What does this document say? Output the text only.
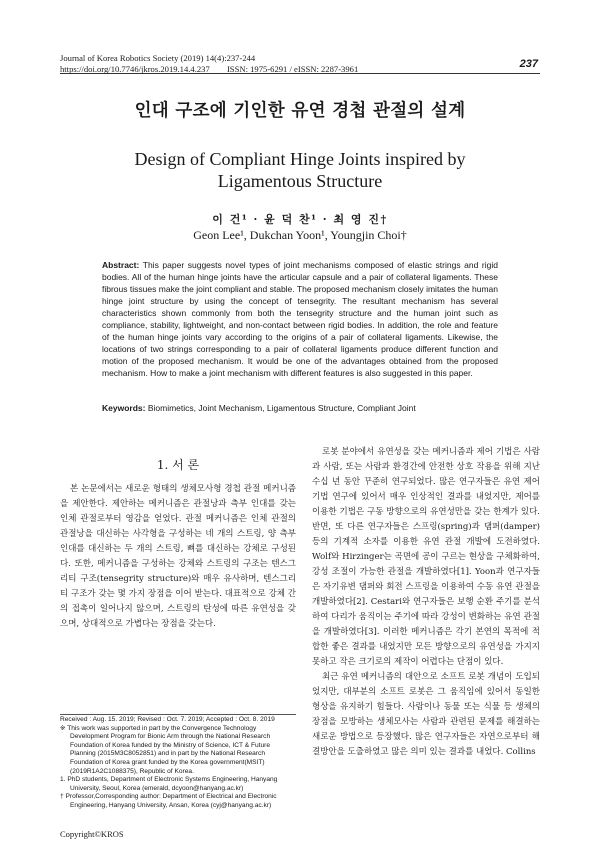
Journal of Korea Robotics Society (2019) 14(4):237-244
https://doi.org/10.7746/jkros.2019.14.4.237        ISSN: 1975-6291 / eISSN: 2287-3961	237
인대 구조에 기인한 유연 경첩 관절의 설계
Design of Compliant Hinge Joints inspired by
Ligamentous Structure
이 건¹ · 윤 덕 찬¹ · 최 영 진†
Geon Lee¹, Dukchan Yoon¹, Youngjin Choi†
Abstract: This paper suggests novel types of joint mechanisms composed of elastic strings and rigid bodies. All of the human hinge joints have the articular capsule and a pair of collateral ligaments. These fibrous tissues make the joint compliant and stable. The proposed mechanism closely imitates the human hinge joint structure by using the concept of tensegrity. The resultant mechanism has several characteristics shown commonly from both the tensegrity structure and the human joint such as compliance, stability, lightweight, and non-contact between rigid bodies. In addition, the role and feature of the human hinge joints vary according to the origins of a pair of collateral ligaments. Likewise, the locations of two strings corresponding to a pair of collateral ligaments produce different function and motion of the proposed mechanism. It would be one of the advantages obtained from the proposed mechanism. How to make a joint mechanism with different features is also suggested in this paper.
Keywords: Biomimetics, Joint Mechanism, Ligamentous Structure, Compliant Joint
1. 서 론

본 논문에서는 새로운 형태의 생체모사형 경첩 관절 메커니즘을 제안한다. 제안하는 메커니즘은 관절낭과 측부 인대를 갖는 인체 관절로부터 영감을 얻었다. 관절 메커니즘은 인체 관절의 관절낭을 대신하는 사각형을 구성하는 네 개의 스트링, 양 측부 인대를 대신하는 두 개의 스트링, 뼈를 대신하는 강체로 구성된다. 또한, 메커니즘을 구성하는 강체와 스트링의 구조는 텐스그리티 구조(tensegrity structure)와 매우 유사하며, 텐스그리티 구조가 갖는 몇 가지 장점을 이어 받는다. 대표적으로 강체 간의 접촉이 일어나지 않으며, 스트링의 탄성에 따른 유연성을 갖으며, 상대적으로 가볍다는 장점을 갖는다.

로봇 분야에서 유연성을 갖는 메커니즘과 제어 기법은 사람과 사람, 또는 사람과 환경간에 안전한 상호 작용을 위해 지난 수십 년 동안 꾸준히 연구되었다. 많은 연구자들은 유연 제어 기법 연구에 있어서 매우 인상적인 결과를 내었지만, 제어를 이용한 기법은 구동 방향으로의 유연성만을 갖는 한계가 있다. 반면, 또 다른 연구자들은 스프링(spring)과 댐퍼(damper) 등의 기계적 소자를 이용한 유연 관절 개발에 도전하였다. Wolf와 Hirzinger는 곡면에 공이 구르는 현상을 구체화하여, 강성 조절이 가능한 관절을 개발하였다[1]. Yoon과 연구자들은 자기유변 댐퍼와 회전 스프링을 이용하여 수동 유연 관절을 개발하였다[2]. Cestari와 연구자들은 보행 순환 주기를 분석하여 다리가 움직이는 주기에 따라 강성이 변화하는 유연 관절을 개발하였다[3]. 이러한 메커니즘은 각기 본연의 목적에 적합한 좋은 결과를 내었지만 모든 방향으로의 유연성을 가지지 못하고 작은 크기로의 제작이 어렵다는 단점이 있다.

최근 유연 메커니즘의 대안으로 소프트 로봇 개념이 도입되었지만, 대부분의 소프트 로봇은 그 움직임에 있어서 동일한 형상을 유지하기 힘들다. 사람이나 동물 또는 식물 등 생체의 장점을 모방하는 생체모사는 사람과 관련된 문제를 해결하는 새로운 방법으로 등장했다. 많은 연구자들은 자연으로부터 해결방안을 도출하였고 많은 의미 있는 결과를 내었다. Collins

Received : Aug. 15. 2019; Revised : Oct. 7. 2019; Accepted : Oct. 8. 2019

※ This work was supported in part by the Convergence Technology Development Program for Bionic Arm through the National Research Foundation of Korea funded by the Ministry of Science, ICT & Future Planning (2015M3C8052851) and in part by the National Research Foundation of Korea grant funded by the Korea government(MSIT) (2019R1A2C1088375), Republic of Korea.

1. PhD students, Department of Electronic Systems Engineering, Hanyang University, Seoul, Korea (emerald, dcyoon@hanyang.ac.kr)

† Professor,Corresponding author: Department of Electrical and Electronic Engineering, Hanyang University, Ansan, Korea (cyj@hanyang.ac.kr)

Copyright©KROS
